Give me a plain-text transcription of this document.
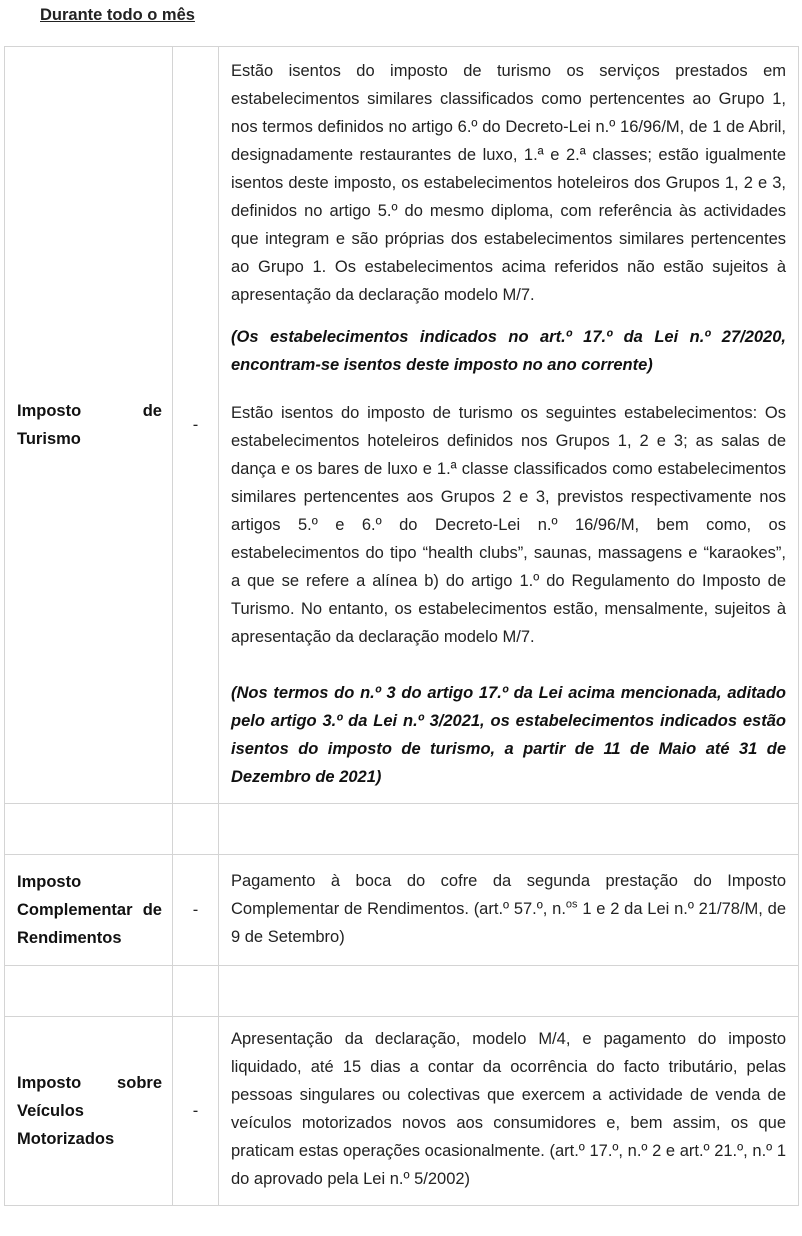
Durante todo o mês

Imposto de Turismo	-	Estão isentos do imposto de turismo os serviços prestados em estabelecimentos similares classificados como pertencentes ao Grupo 1, nos termos definidos no artigo 6.º do Decreto-Lei n.º 16/96/M, de 1 de Abril, designadamente restaurantes de luxo, 1.ª e 2.ª classes; estão igualmente isentos deste imposto, os estabelecimentos hoteleiros dos Grupos 1, 2 e 3, definidos no artigo 5.º do mesmo diploma, com referência às actividades que integram e são próprias dos estabelecimentos similares pertencentes ao Grupo 1. Os estabelecimentos acima referidos não estão sujeitos à apresentação da declaração modelo M/7.

(Os estabelecimentos indicados no art.º 17.º da Lei n.º 27/2020, encontram-se isentos deste imposto no ano corrente)

Estão isentos do imposto de turismo os seguintes estabelecimentos: Os estabelecimentos hoteleiros definidos nos Grupos 1, 2 e 3; as salas de dança e os bares de luxo e 1.ª classe classificados como estabelecimentos similares pertencentes aos Grupos 2 e 3, previstos respectivamente nos artigos 5.º e 6.º do Decreto-Lei n.º 16/96/M, bem como, os estabelecimentos do tipo “health clubs”, saunas, massagens e “karaokes”, a que se refere a alínea b) do artigo 1.º do Regulamento do Imposto de Turismo. No entanto, os estabelecimentos estão, mensalmente, sujeitos à apresentação da declaração modelo M/7.

(Nos termos do n.º 3 do artigo 17.º da Lei acima mencionada, aditado pelo artigo 3.º da Lei n.º 3/2021, os estabelecimentos indicados estão isentos do imposto de turismo, a partir de 11 de Maio até 31 de Dezembro de 2021)

Imposto Complementar de Rendimentos	-	Pagamento à boca do cofre da segunda prestação do Imposto Complementar de Rendimentos. (art.º 57.º, n.$^{os}$ 1 e 2 da Lei n.º 21/78/M, de 9 de Setembro)

Imposto sobre Veículos Motorizados	-	Apresentação da declaração, modelo M/4, e pagamento do imposto liquidado, até 15 dias a contar da ocorrência do facto tributário, pelas pessoas singulares ou colectivas que exercem a actividade de venda de veículos motorizados novos aos consumidores e, bem assim, os que praticam estas operações ocasionalmente. (art.º 17.º, n.º 2 e art.º 21.º, n.º 1 do aprovado pela Lei n.º 5/2002)
